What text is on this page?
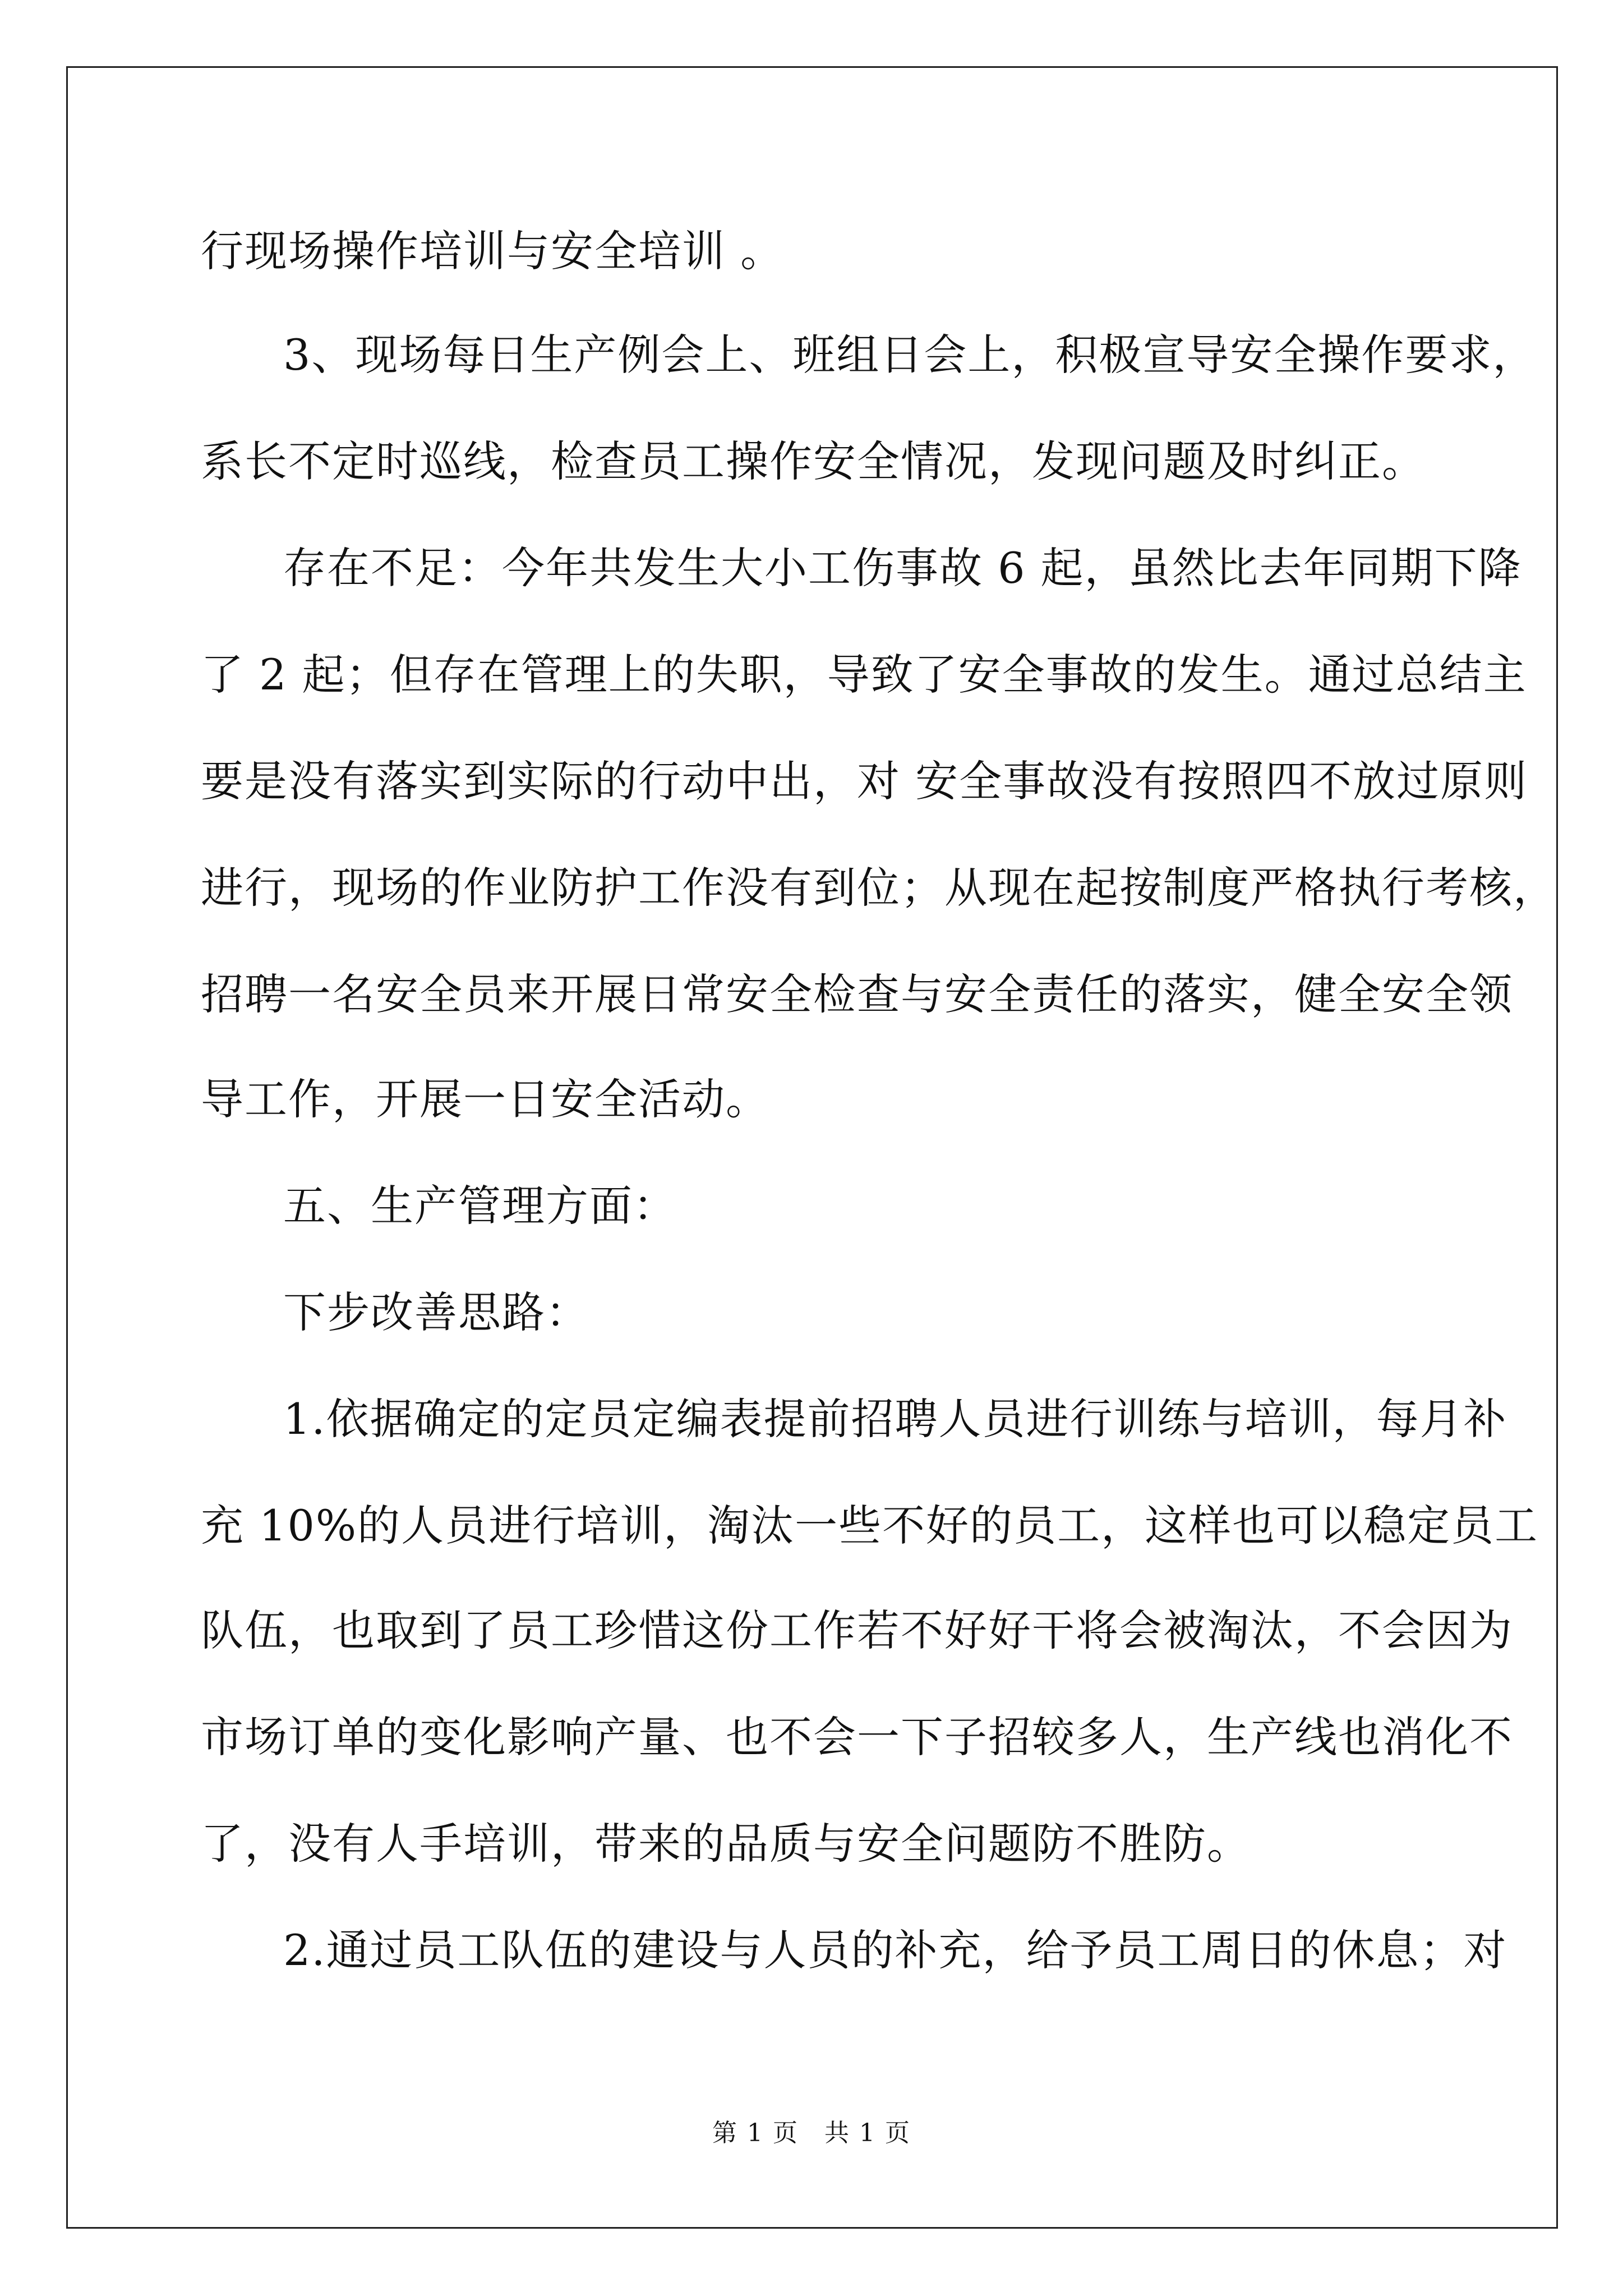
行现场操作培训与安全培训 。

3、现场每日生产例会上、班组日会上，积极宣导安全操作要求，

系长不定时巡线，检查员工操作安全情况，发现问题及时纠正。

存在不足：今年共发生大小工伤事故 6 起，虽然比去年同期下降

了 2 起；但存在管理上的失职，导致了安全事故的发生。通过总结主

要是没有落实到实际的行动中出，对 安全事故没有按照四不放过原则

进行，现场的作业防护工作没有到位；从现在起按制度严格执行考核，

招聘一名安全员来开展日常安全检查与安全责任的落实，健全安全领

导工作，开展一日安全活动。

五、生产管理方面：

下步改善思路：

1.依据确定的定员定编表提前招聘人员进行训练与培训，每月补

充 10%的人员进行培训，淘汰一些不好的员工，这样也可以稳定员工

队伍，也取到了员工珍惜这份工作若不好好干将会被淘汰，不会因为

市场订单的变化影响产量、也不会一下子招较多人，生产线也消化不

了，没有人手培训，带来的品质与安全问题防不胜防。

2.通过员工队伍的建设与人员的补充，给予员工周日的休息；对

第 1 页　共 1 页
